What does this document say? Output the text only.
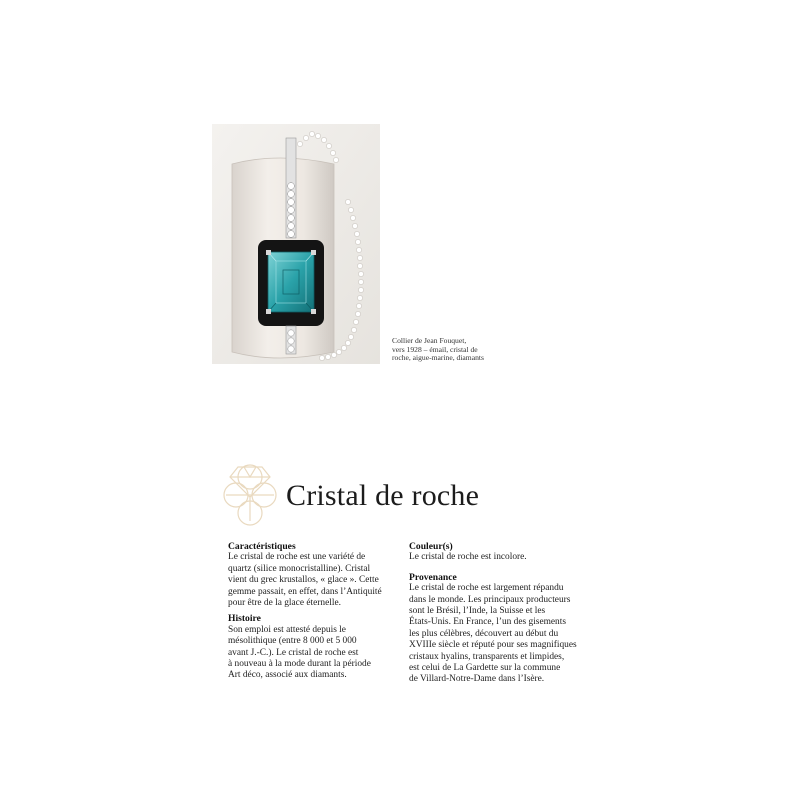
Collier de Jean Fouquet,
vers 1928 – émail, cristal de
roche, aigue-marine, diamants
Cristal de roche
Caractéristiques
Le cristal de roche est une variété de
quartz (silice monocristalline). Cristal
vient du grec krustallos, « glace ». Cette
gemme passait, en effet, dans l’Antiquité
pour être de la glace éternelle.
Histoire
Son emploi est attesté depuis le
mésolithique (entre 8 000 et 5 000
avant J.-C.). Le cristal de roche est
à nouveau à la mode durant la période
Art déco, associé aux diamants.
Couleur(s)
Le cristal de roche est incolore.
Provenance
Le cristal de roche est largement répandu
dans le monde. Les principaux producteurs
sont le Brésil, l’Inde, la Suisse et les
États-Unis. En France, l’un des gisements
les plus célèbres, découvert au début du
XVIIIe siècle et réputé pour ses magnifiques
cristaux hyalins, transparents et limpides,
est celui de La Gardette sur la commune
de Villard-Notre-Dame dans l’Isère.
